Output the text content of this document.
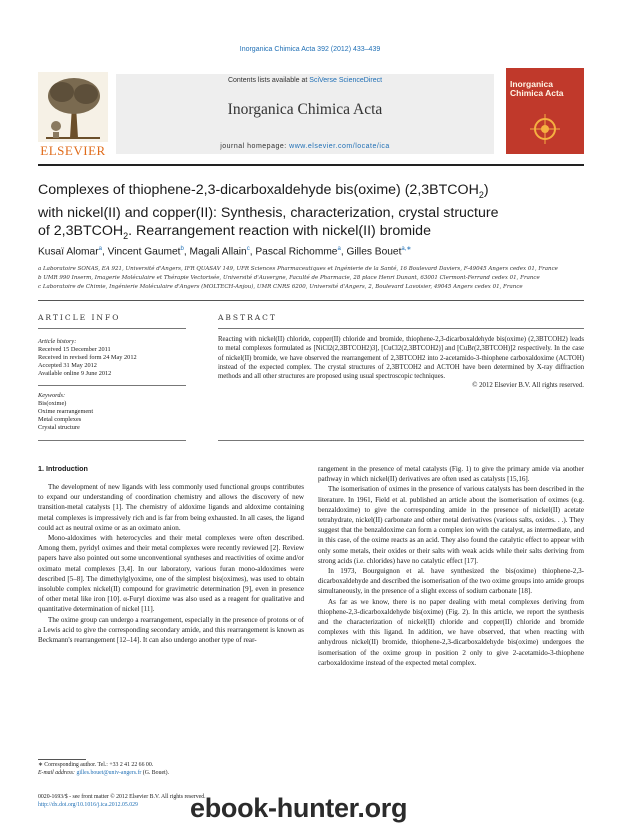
Inorganica Chimica Acta 392 (2012) 433–439
ELSEVIER
Contents lists available at SciVerse ScienceDirect
Inorganica Chimica Acta
journal homepage: www.elsevier.com/locate/ica
Inorganica
Chimica Acta
Complexes of thiophene-2,3-dicarboxaldehyde bis(oxime) $(2,3BTCOH_2)$
with nickel(II) and copper(II): Synthesis, characterization, crystal structure
of $2,3BTCOH_2$. Rearrangement reaction with nickel(II) bromide
Kusaï Alomar$^a$, Vincent Gaumet$^b$, Magali Allain$^c$, Pascal Richomme$^a$, Gilles Bouet$^{a,∗}$
a Laboratoire SONAS, EA 921, Université d'Angers, IFR QUASAV 149, UFR Sciences Pharmaceutiques et Ingénierie de la Santé, 16 Boulevard Daviers, F-49045 Angers cedex 01, France
b UMR 990 Inserm, Imagerie Moléculaire et Thérapie Vectorisée, Université d'Auvergne, Faculté de Pharmacie, 28 place Henri Dunant, 63001 Clermont-Ferrand cedex 01, France
c Laboratoire de Chimie, Ingénierie Moléculaire d'Angers (MOLTECH-Anjou), UMR CNRS 6200, Université d'Angers, 2, Boulevard Lavoisier, 49045 Angers cedex 01, France
ARTICLE INFO
Article history:
Received 15 December 2011
Received in revised form 24 May 2012
Accepted 31 May 2012
Available online 9 June 2012
Keywords:
Bis(oxime)
Oxime rearrangement
Metal complexes
Crystal structure
ABSTRACT
Reacting with nickel(II) chloride, copper(II) chloride and bromide, thiophene-2,3-dicarboxaldehyde bis(oxime) (2,3BTCOH2) leads to metal complexes formulated as [NiCl2(2,3BTCOH2)3], [CuCl2(2,3BTCOH2)] and [CuBr(2,3BTCOH)]2 respectively. In the case of nickel(II) bromide, we have observed the rearrangement of 2,3BTCOH2 into 2-acetamido-3-thiophene carboxaldoxime (ACTOH) instead of the expected complex. The crystal structures of 2,3BTCOH2 and ACTOH have been determined by X-ray diffraction methods and all other structures are proposed using usual spectroscopic techniques.
© 2012 Elsevier B.V. All rights reserved.
1. Introduction

The development of new ligands with less commonly used functional groups contributes to expand our understanding of coordination chemistry and allows the discovery of new transition-metal catalysts [1]. The chemistry of aldoxime ligands and aldoxime containing metal complexes is impressively rich and is far from being exhausted. In all cases, the ligand could act as neutral oxime or as an oximato anion.

Mono-aldoximes with heterocycles and their metal complexes were often described. Among them, pyridyl oximes and their metal complexes were recently reviewed [2]. Review papers have also pointed out some unconventional syntheses and reactivities of oxime and/or oximato metal complexes [3,4]. In our laboratory, various furan mono-aldoximes were described [5–8]. The dimethylglyoxime, one of the simplest bis(oximes), was used to obtain insoluble complex nickel(II) compound for gravimetric determination [9], even in presence of other metal like iron [10]. α-Furyl dioxime was also used as a reagent for qualitative and quantitative determination of nickel [11].

The oxime group can undergo a rearrangement, especially in the presence of protons or of a Lewis acid to give the corresponding secondary amide, and this rearrangement is known as Beckmann's rearrangement [12–14]. It can also undergo another type of rear-

rangement in the presence of metal catalysts (Fig. 1) to give the primary amide via another pathway in which nickel(II) derivatives are often used as catalysts [15,16].

The isomerisation of oximes in the presence of various catalysts has been described in the literature. In 1961, Field et al. published an article about the isomerisation of oximes (e.g. benzaldoxime) to give the corresponding amide in the presence of nickel(II) acetate tetrahydrate, nickel(II) carbonate and other metal derivatives (various salts, oxides. . .). They suggest that the benzaldoxime can form a complex ion with the catalyst, as intermediate, and in this case, of the oxime reacts as an acid. They also found the catalytic effect to appear with only some metals, their oxides or their salts with weak acids while their salts deriving from strong acids (i.e. chlorides) have no catalytic effect [17].

In 1973, Bourguignon et al. have synthesized the bis(oxime) thiophene-2,3-dicarboxaldehyde and described the isomerisation of the two oxime groups into amide groups simultaneously, in the presence of a slight excess of sodium carbonate [18].

As far as we know, there is no paper dealing with metal complexes deriving from thiophene-2,3-dicarboxaldehyde bis(oxime) (Fig. 2). In this article, we report the synthesis and the characterization of nickel(II) chloride and copper(II) chloride and bromide complexes with this ligand. In addition, we have observed, that when reacting with anhydrous nickel(II) bromide, thiophene-2,3-dicarboxaldehyde bis(oxime) undergoes the isomerisation of the oxime group in position 2 only to give 2-acetamido-3-thiophene carboxaldoxime instead of the expected metal complex.

∗ Corresponding author. Tel.: +33 2 41 22 66 00.
E-mail address: gilles.bouet@univ-angers.fr (G. Bouet).
0020-1693/$ - see front matter © 2012 Elsevier B.V. All rights reserved.
http://dx.doi.org/10.1016/j.ica.2012.05.029	ebook-hunter.org
